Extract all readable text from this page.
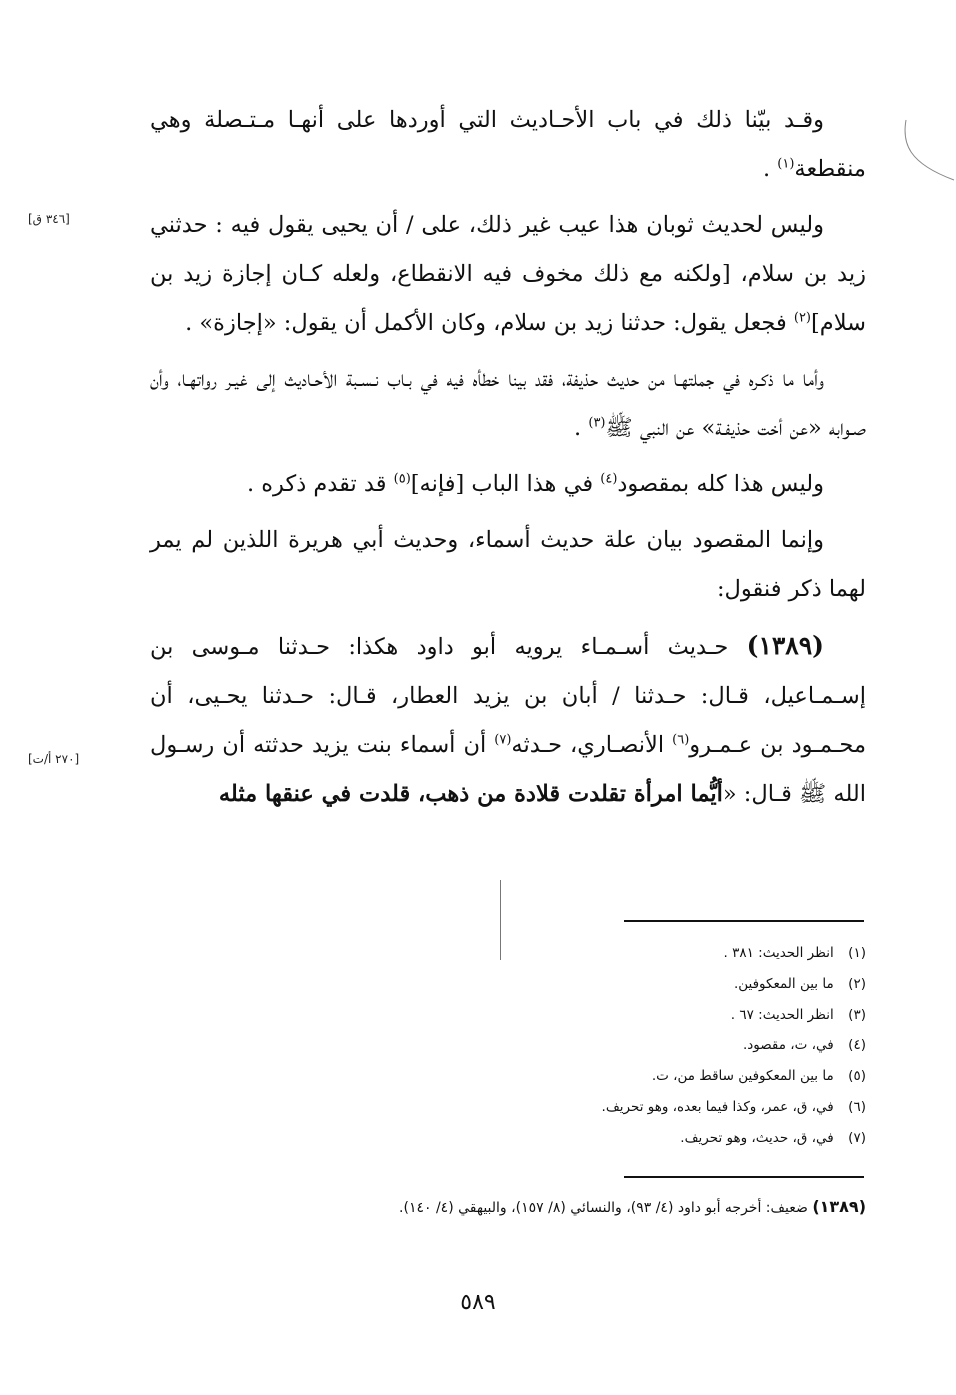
وقـد بيّنا ذلك في باب الأحـاديث التي أوردها على أنهـا مـتـصلة وهي منقطعة$^{(١)}$ .

وليس لحديث ثوبان هذا عيب غير ذلك، على / أن يحيى يقول فيه : حدثني زيد بن سلام، [ولكنه مع ذلك مخوف فيه الانقطاع، ولعله كـان إجازة زيد بن سلام]$^{(٢)}$ فجعل يقول: حدثنا زيد بن سلام، وكان الأكمل أن يقول: «إجازة» .

وأما ما ذكـره في جملتهـا من حديث حذيفة، فقد بينا خطأه فيه في بـاب نـسـبة الأحـاديث إلى غيـر رواتهـا، وأن صـوابه «عن أخت حذيفـة» عن النبي ﷺ$^{(٣)}$ .

وليس هذا كله بمقصود$^{(٤)}$ في هذا الباب [فإنه]$^{(٥)}$ قد تقدم ذكره .

وإنما المقصود بيان علة حديث أسماء، وحديث أبي هريرة اللذين لم يمر لهما ذكر فنقول:

(١٣٨٩) حـديث أسـمـاء يرويه أبو داود هكذا: حـدثنا مـوسى بن إسـمـاعيل، قـال: حـدثنا / أبان بن يزيد العطار، قـال: حـدثنا يحـيى، أن محـمـود بن عـمـرو$^{(٦)}$ الأنصـاري، حـدثه$^{(٧)}$ أن أسماء بنت يزيد حدثته أن رسـول الله ﷺ قـال: «أيُّما امرأة تقلدت قلادة من ذهب، قلدت في عنقها مثله

[٣٤٦ ق]
[٢٧٠ أ/ت]
(١) انظر الحديث: ٣٨١ .
(٢) ما بين المعكوفين.
(٣) انظر الحديث: ٦٧ .
(٤) في، ت، مقصود.
(٥) ما بين المعكوفين ساقط من، ت.
(٦) في، ق، عمر، وكذا فيما بعده، وهو تحريف.
(٧) في، ق، حديث، وهو تحريف.
(١٣٨٩) ضعيف: أخرجه أبو داود (٤/ ٩٣)، والنسائي (٨/ ١٥٧)، والبيهقي (٤/ ١٤٠).
٥٨٩
